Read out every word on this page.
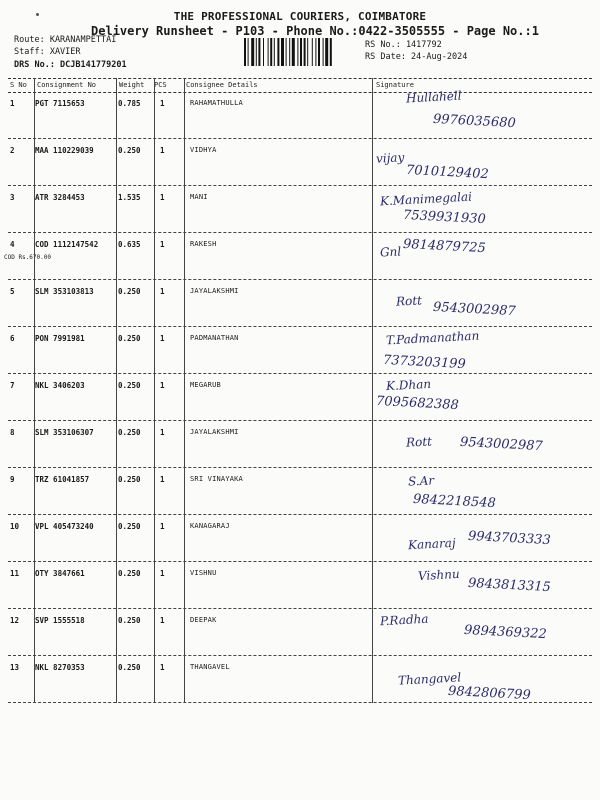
THE PROFESSIONAL COURIERS, COIMBATORE
Delivery Runsheet - P103 - Phone No.:0422-3505555 - Page No.:1
Route: KARANAMPETTAI
Staff: XAVIER
DRS No.: DCJB141779201
RS No.: 1417792
RS Date: 24-Aug-2024
S No Consignment No	Weight PCS	Consignee Details	Signature
1	PGT 7115653	0.785	1	RAHAMATHULLA	Hullahell
9976035680
2	MAA 110229039	0.250	1	VIDHYA
vijay
7010129402
3	ATR 3284453	1.535	1	MANI	K.Manimegalai
7539931930
4	COD 1112147542	0.635	1	RAKESH
COD Rs.670.00	Gnl 9814879725
5	SLM 353103813	0.250	1	JAYALAKSHMI
Rott 9543002987
6	PON 7991981	0.250	1	PADMANATHAN	T.Padmanathan
7373203199
7	NKL 3406203	0.250	1	MEGARUB	K.Dhan
7095682388
8	SLM 353106307	0.250	1	JAYALAKSHMI
Rott 9543002987
9	TRZ 61041857	0.250	1	SRI VINAYAKA	S.Ar
9842218548
10 VPL 405473240	0.250	1	KANAGARAJ
Kanaraj 9943703333
11 OTY 3847661	0.250	1	VISHNU	Vishnu
9843813315
12 SVP 1555518	0.250	1	DEEPAK	P.Radha
9894369322
13 NKL 8270353	0.250	1	THANGAVEL
Thangavel
9842806799
